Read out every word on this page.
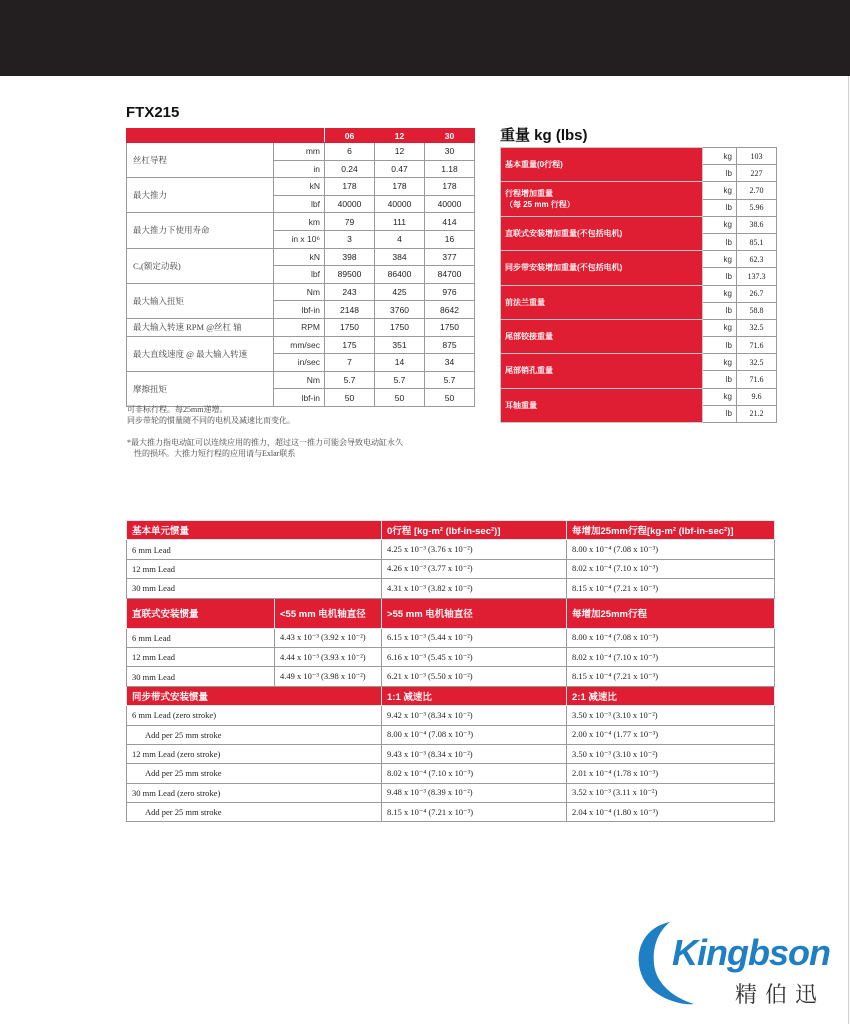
FTX215
重量 kg (lbs)
		06	12	30
丝杠导程	mm	6	12	30
	in	0.24	0.47	1.18
最大推力	kN	178	178	178
	lbf	40000	40000	40000
最大推力下使用寿命	km	79	111	414
	in x 10⁶	3	4	16
Cₐ(额定动载)	kN	398	384	377
	lbf	89500	86400	84700
最大输入扭矩	Nm	243	425	976
	lbf-in	2148	3760	8642
最大输入转速 RPM @丝杠 轴	RPM	1750	1750	1750
最大直线速度 @ 最大输入转速	mm/sec	175	351	875
	in/sec	7	14	34
摩擦扭矩	Nm	5.7	5.7	5.7
	lbf-in	50	50	50
可非标行程。每25mm递增。
同步带轮的惯量随不同的电机及减速比而变化。
*最大推力指电动缸可以连续应用的推力，超过这一推力可能会导致电动缸永久
性的损坏。大推力短行程的应用请与Exlar联系
基本重量(0行程)	kg	103
	lb	227
行程增加重量
（每 25 mm 行程）	kg	2.70
	lb	5.96
直联式安装增加重量(不包括电机)	kg	38.6
	lb	85.1
同步带安装增加重量(不包括电机)	kg	62.3
	lb	137.3
前法兰重量	kg	26.7
	lb	58.8
尾部铰接重量	kg	32.5
	lb	71.6
尾部销孔重量	kg	32.5
	lb	71.6
耳轴重量	kg	9.6
	lb	21.2
基本单元惯量		0行程 [kg-m² (lbf-in-sec²)]	每增加25mm行程[kg-m² (lbf-in-sec²)]
6 mm Lead		4.25 x 10⁻³ (3.76 x 10⁻²)	8.00 x 10⁻⁴ (7.08 x 10⁻³)
12 mm Lead		4.26 x 10⁻³ (3.77 x 10⁻²)	8.02 x 10⁻⁴ (7.10 x 10⁻³)
30 mm Lead		4.31 x 10⁻³ (3.82 x 10⁻²)	8.15 x 10⁻⁴ (7.21 x 10⁻³)
直联式安装惯量	<55 mm 电机轴直径	>55 mm 电机轴直径	每增加25mm行程
6 mm Lead	4.43 x 10⁻³ (3.92 x 10⁻²)	6.15 x 10⁻³ (5.44 x 10⁻²)	8.00 x 10⁻⁴ (7.08 x 10⁻³)
12 mm Lead	4.44 x 10⁻³ (3.93 x 10⁻²)	6.16 x 10⁻³ (5.45 x 10⁻²)	8.02 x 10⁻⁴ (7.10 x 10⁻³)
30 mm Lead	4.49 x 10⁻³ (3.98 x 10⁻²)	6.21 x 10⁻³ (5.50 x 10⁻²)	8.15 x 10⁻⁴ (7.21 x 10⁻³)
同步带式安装惯量		1:1 减速比	2:1 减速比
6 mm Lead (zero stroke)		9.42 x 10⁻³ (8.34 x 10⁻²)	3.50 x 10⁻³ (3.10 x 10⁻²)
Add per 25 mm stroke		8.00 x 10⁻⁴ (7.08 x 10⁻³)	2.00 x 10⁻⁴ (1.77 x 10⁻³)
12 mm Lead (zero stroke)		9.43 x 10⁻³ (8.34 x 10⁻²)	3.50 x 10⁻³ (3.10 x 10⁻²)
Add per 25 mm stroke		8.02 x 10⁻⁴ (7.10 x 10⁻³)	2.01 x 10⁻⁴ (1.78 x 10⁻³)
30 mm Lead (zero stroke)		9.48 x 10⁻³ (8.39 x 10⁻²)	3.52 x 10⁻³ (3.11 x 10⁻²)
Add per 25 mm stroke		8.15 x 10⁻⁴ (7.21 x 10⁻³)	2.04 x 10⁻⁴ (1.80 x 10⁻³)
Kingbson
精伯迅
